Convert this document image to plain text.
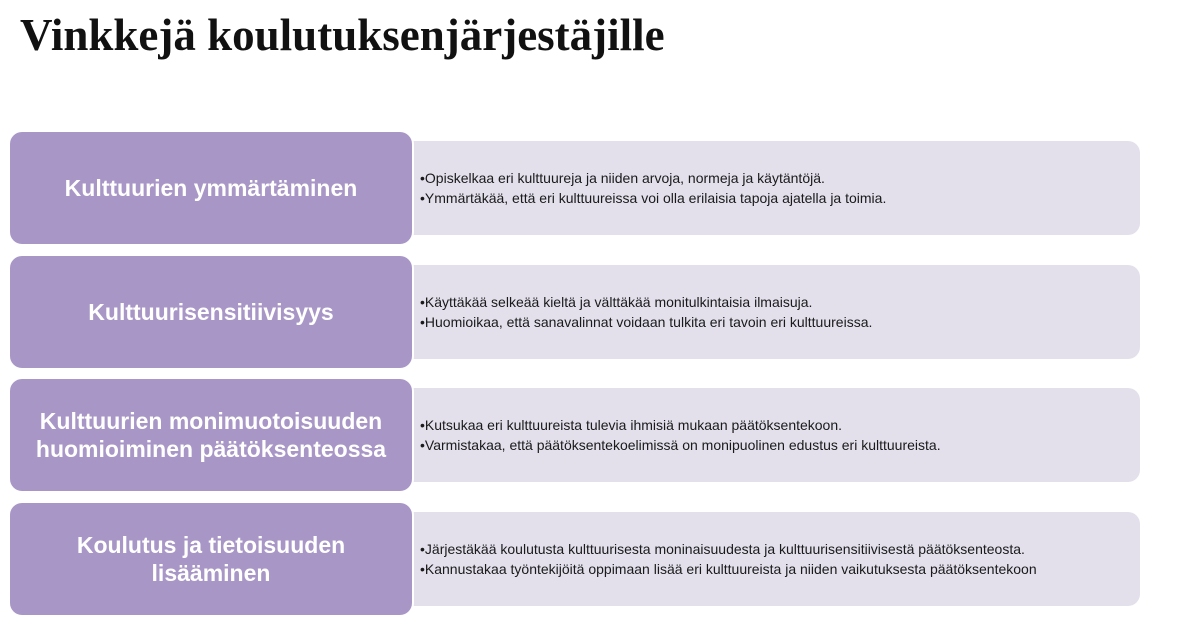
Vinkkejä koulutuksenjärjestäjille
•Opiskelkaa eri kulttuureja ja niiden arvoja, normeja ja käytäntöjä.
•Ymmärtäkää, että eri kulttuureissa voi olla erilaisia tapoja ajatella ja toimia.
Kulttuurien ymmärtäminen
•Käyttäkää selkeää kieltä ja välttäkää monitulkintaisia ilmaisuja.
•Huomioikaa, että sanavalinnat voidaan tulkita eri tavoin eri kulttuureissa.
Kulttuurisensitiivisyys
•Kutsukaa eri kulttuureista tulevia ihmisiä mukaan päätöksentekoon.
•Varmistakaa, että päätöksentekoelimissä on monipuolinen edustus eri kulttuureista.
Kulttuurien monimuotoisuuden huomioiminen päätöksenteossa
•Järjestäkää koulutusta kulttuurisesta moninaisuudesta ja kulttuurisensitiivisestä päätöksenteosta.
•Kannustakaa työntekijöitä oppimaan lisää eri kulttuureista ja niiden vaikutuksesta päätöksentekoon
Koulutus ja tietoisuuden lisääminen
